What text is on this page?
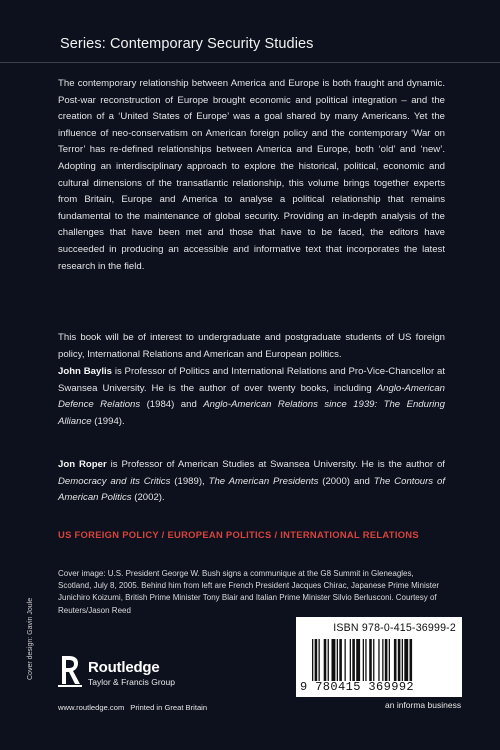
Series: Contemporary Security Studies

The contemporary relationship between America and Europe is both fraught and dynamic. Post-war reconstruction of Europe brought economic and political integration – and the creation of a ‘United States of Europe’ was a goal shared by many Americans. Yet the influence of neo-conservatism on American foreign policy and the contemporary ‘War on Terror’ has re-defined relationships between America and Europe, both ‘old’ and ‘new’. Adopting an interdisciplinary approach to explore the historical, political, economic and cultural dimensions of the transatlantic relationship, this volume brings together experts from Britain, Europe and America to analyse a political relationship that remains fundamental to the maintenance of global security. Providing an in-depth analysis of the challenges that have been met and those that have to be faced, the editors have succeeded in producing an accessible and informative text that incorporates the latest research in the field.

This book will be of interest to undergraduate and postgraduate students of US foreign policy, International Relations and American and European politics.

John Baylis is Professor of Politics and International Relations and Pro-Vice-Chancellor at Swansea University. He is the author of over twenty books, including Anglo-American Defence Relations (1984) and Anglo-American Relations since 1939: The Enduring Alliance (1994).

Jon Roper is Professor of American Studies at Swansea University. He is the author of Democracy and its Critics (1989), The American Presidents (2000) and The Contours of American Politics (2002).

US FOREIGN POLICY / EUROPEAN POLITICS / INTERNATIONAL RELATIONS
Cover image: U.S. President George W. Bush signs a communique at the G8 Summit in Gleneagles, Scotland, July 8, 2005. Behind him from left are French President Jacques Chirac, Japanese Prime Minister Junichiro Koizumi, British Prime Minister Tony Blair and Italian Prime Minister Silvio Berlusconi. Courtesy of Reuters/Jason Reed
Cover design: Gavin Joule	Routledge
Taylor & Francis Group
www.routledge.com Printed in Great Britain
ISBN 978-0-415-36999-2
9 780415 369992
an informa business
